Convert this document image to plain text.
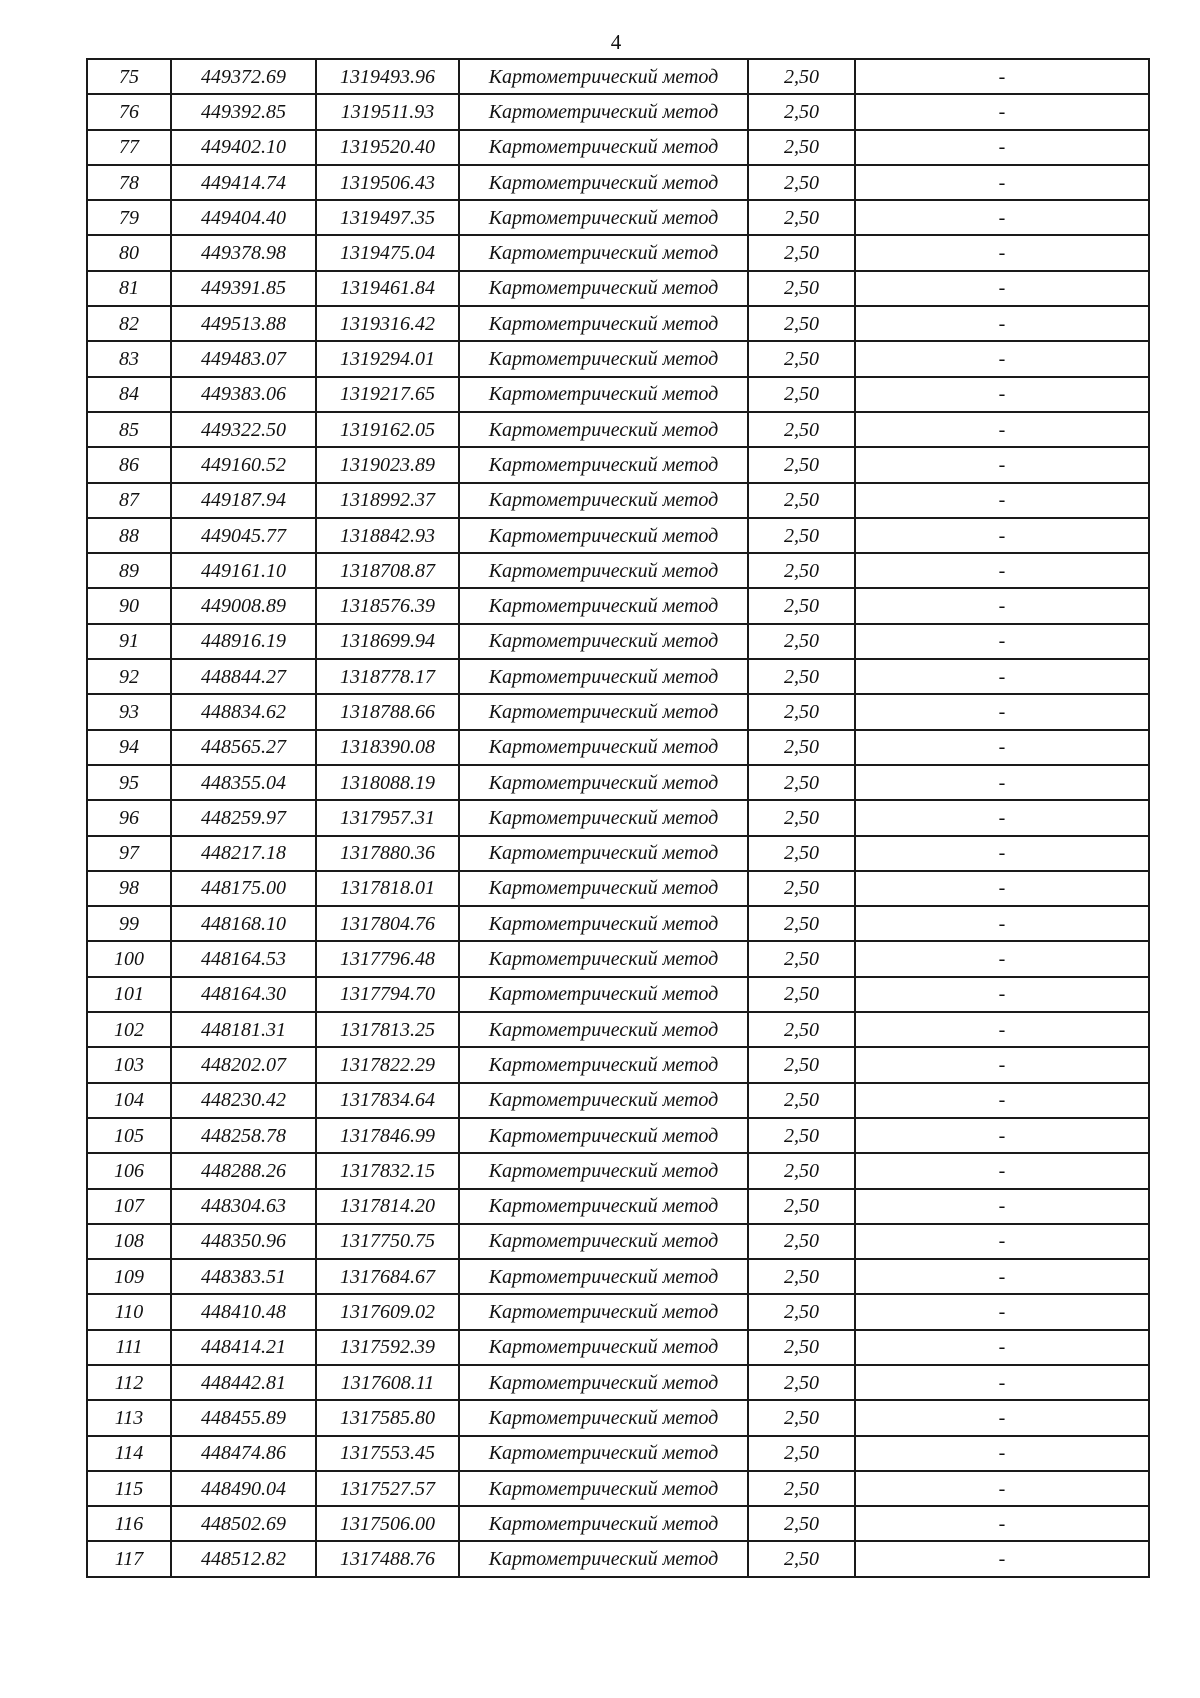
4
75	449372.69	1319493.96	Картометрический метод	2,50	-
76	449392.85	1319511.93	Картометрический метод	2,50	-
77	449402.10	1319520.40	Картометрический метод	2,50	-
78	449414.74	1319506.43	Картометрический метод	2,50	-
79	449404.40	1319497.35	Картометрический метод	2,50	-
80	449378.98	1319475.04	Картометрический метод	2,50	-
81	449391.85	1319461.84	Картометрический метод	2,50	-
82	449513.88	1319316.42	Картометрический метод	2,50	-
83	449483.07	1319294.01	Картометрический метод	2,50	-
84	449383.06	1319217.65	Картометрический метод	2,50	-
85	449322.50	1319162.05	Картометрический метод	2,50	-
86	449160.52	1319023.89	Картометрический метод	2,50	-
87	449187.94	1318992.37	Картометрический метод	2,50	-
88	449045.77	1318842.93	Картометрический метод	2,50	-
89	449161.10	1318708.87	Картометрический метод	2,50	-
90	449008.89	1318576.39	Картометрический метод	2,50	-
91	448916.19	1318699.94	Картометрический метод	2,50	-
92	448844.27	1318778.17	Картометрический метод	2,50	-
93	448834.62	1318788.66	Картометрический метод	2,50	-
94	448565.27	1318390.08	Картометрический метод	2,50	-
95	448355.04	1318088.19	Картометрический метод	2,50	-
96	448259.97	1317957.31	Картометрический метод	2,50	-
97	448217.18	1317880.36	Картометрический метод	2,50	-
98	448175.00	1317818.01	Картометрический метод	2,50	-
99	448168.10	1317804.76	Картометрический метод	2,50	-
100	448164.53	1317796.48	Картометрический метод	2,50	-
101	448164.30	1317794.70	Картометрический метод	2,50	-
102	448181.31	1317813.25	Картометрический метод	2,50	-
103	448202.07	1317822.29	Картометрический метод	2,50	-
104	448230.42	1317834.64	Картометрический метод	2,50	-
105	448258.78	1317846.99	Картометрический метод	2,50	-
106	448288.26	1317832.15	Картометрический метод	2,50	-
107	448304.63	1317814.20	Картометрический метод	2,50	-
108	448350.96	1317750.75	Картометрический метод	2,50	-
109	448383.51	1317684.67	Картометрический метод	2,50	-
110	448410.48	1317609.02	Картометрический метод	2,50	-
111	448414.21	1317592.39	Картометрический метод	2,50	-
112	448442.81	1317608.11	Картометрический метод	2,50	-
113	448455.89	1317585.80	Картометрический метод	2,50	-
114	448474.86	1317553.45	Картометрический метод	2,50	-
115	448490.04	1317527.57	Картометрический метод	2,50	-
116	448502.69	1317506.00	Картометрический метод	2,50	-
117	448512.82	1317488.76	Картометрический метод	2,50	-
